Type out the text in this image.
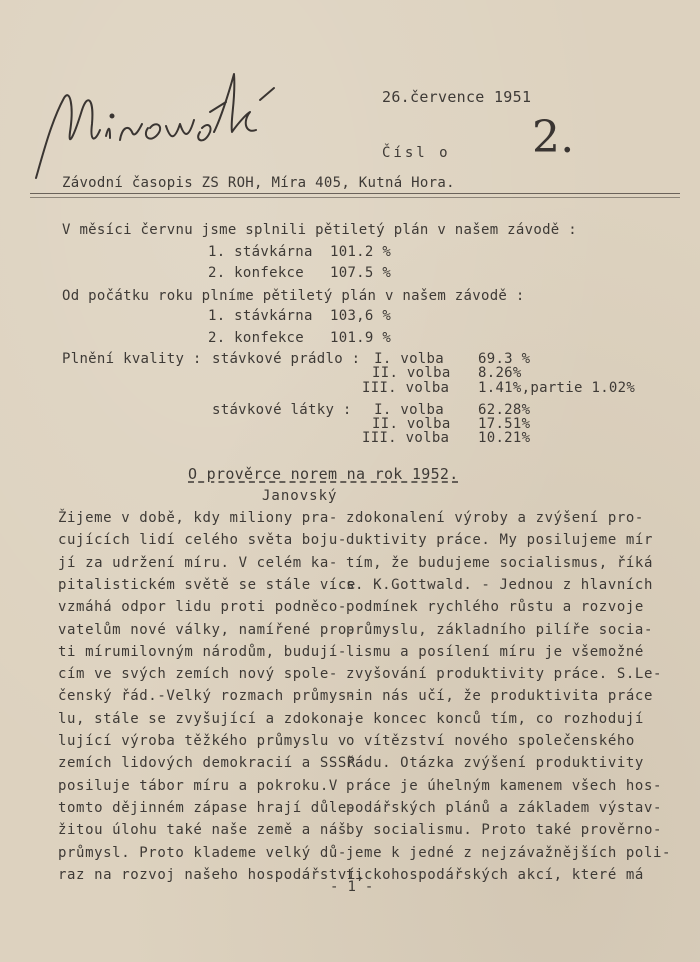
26.července 1951
Čísl o 2.
Závodní časopis ZS ROH, Míra 405, Kutná Hora.
V měsíci červnu jsme splnili pětiletý plán v našem závodě :
1. stávkárna 101.2 %
2. konfekce 107.5 %
Od počátku roku plníme pětiletý plán v našem závodě :
1. stávkárna 103,6 %
2. konfekce 101.9 %
Plnění kvality : stávkové prádlo : I. volba 69.3 %
II. volba 8.26%
III. volba 1.41%,partie 1.02%
stávkové látky : I. volba 62.28%
II. volba 17.51%
III. volba 10.21%
O prověrce norem na rok 1952.
Janovský
Žijeme v době, kdy miliony pra-
cujících lidí celého světa boju-
jí za udržení míru. V celém ka-
pitalistickém světě se stále více
vzmáhá odpor lidu proti podněco-
vatelům nové války, namířené pro-
ti mírumilovným národům, budují-
cím ve svých zemích nový spole-
čenský řád.-Velký rozmach průmys-
lu, stále se zvyšující a zdokona-
lující výroba těžkého průmyslu v
zemích lidových demokracií a SSSR
posiluje tábor míru a pokroku.V
tomto dějinném zápase hrají důle-
žitou úlohu také naše země a náš
průmysl. Proto klademe velký dů-
raz na rozvoj našeho hospodářství,
zdokonalení výroby a zvýšení pro-
duktivity práce. My posilujeme mír
tím, že budujeme socialismus, říká
s. K.Gottwald. - Jednou z hlavních
podmínek rychlého růstu a rozvoje
průmyslu, základního pilíře socia-
lismu a posílení míru je všemožné
zvyšování produktivity práce. S.Le-
nin nás učí, že produktivita práce
je koncec konců tím, co rozhodují
o vítězství nového společenského
řádu. Otázka zvýšení produktivity
práce je úhelným kamenem všech hos-
podářských plánů a základem výstav-
by socialismu. Proto také prověrno-
jeme k jedné z nejzávažnějších poli-
tickohospodářských akcí, které má
- 1 -
